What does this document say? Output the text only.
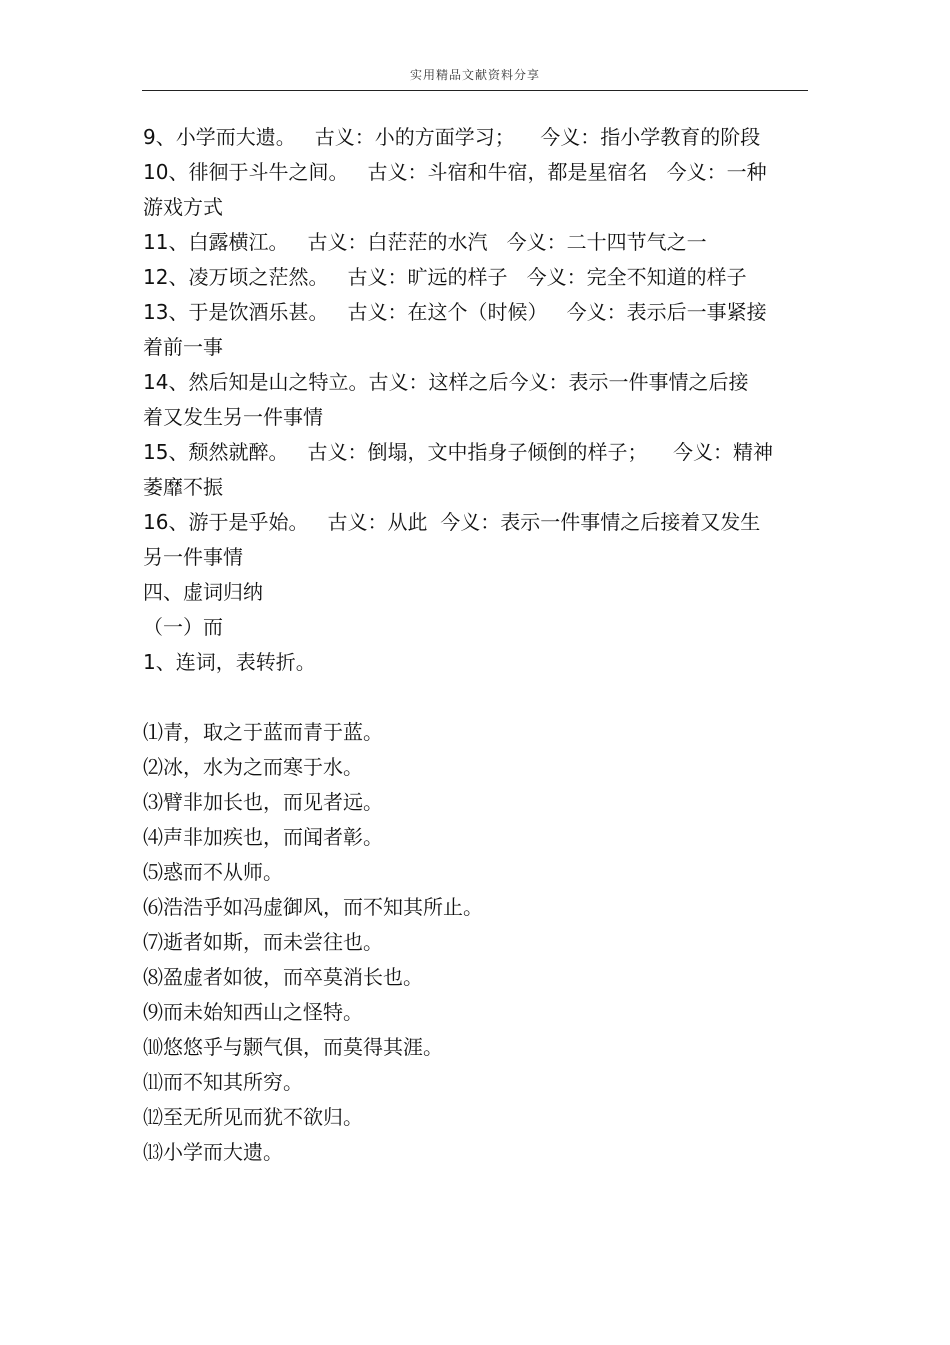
实用精品文献资料分享
9、小学而大遗。   古义：小的方面学习；    今义：指小学教育的阶段
10、徘徊于斗牛之间。   古义：斗宿和牛宿，都是星宿名   今义：一种
游戏方式
11、白露横江。   古义：白茫茫的水汽   今义：二十四节气之一
12、凌万顷之茫然。   古义：旷远的样子   今义：完全不知道的样子
13、于是饮酒乐甚。   古义：在这个（时候）   今义：表示后一事紧接
着前一事
14、然后知是山之特立。古义：这样之后今义：表示一件事情之后接
着又发生另一件事情
15、颓然就醉。   古义：倒塌，文中指身子倾倒的样子；    今义：精神
萎靡不振
16、游于是乎始。   古义：从此  今义：表示一件事情之后接着又发生
另一件事情
四、虚词归纳
（一）而
1、连词，表转折。
⑴青，取之于蓝而青于蓝。
⑵冰，水为之而寒于水。
⑶臂非加长也，而见者远。
⑷声非加疾也，而闻者彰。
⑸惑而不从师。
⑹浩浩乎如冯虚御风，而不知其所止。
⑺逝者如斯，而未尝往也。
⑻盈虚者如彼，而卒莫消长也。
⑼而未始知西山之怪特。
⑽悠悠乎与颢气俱，而莫得其涯。
⑾而不知其所穷。
⑿至无所见而犹不欲归。
⒀小学而大遗。
